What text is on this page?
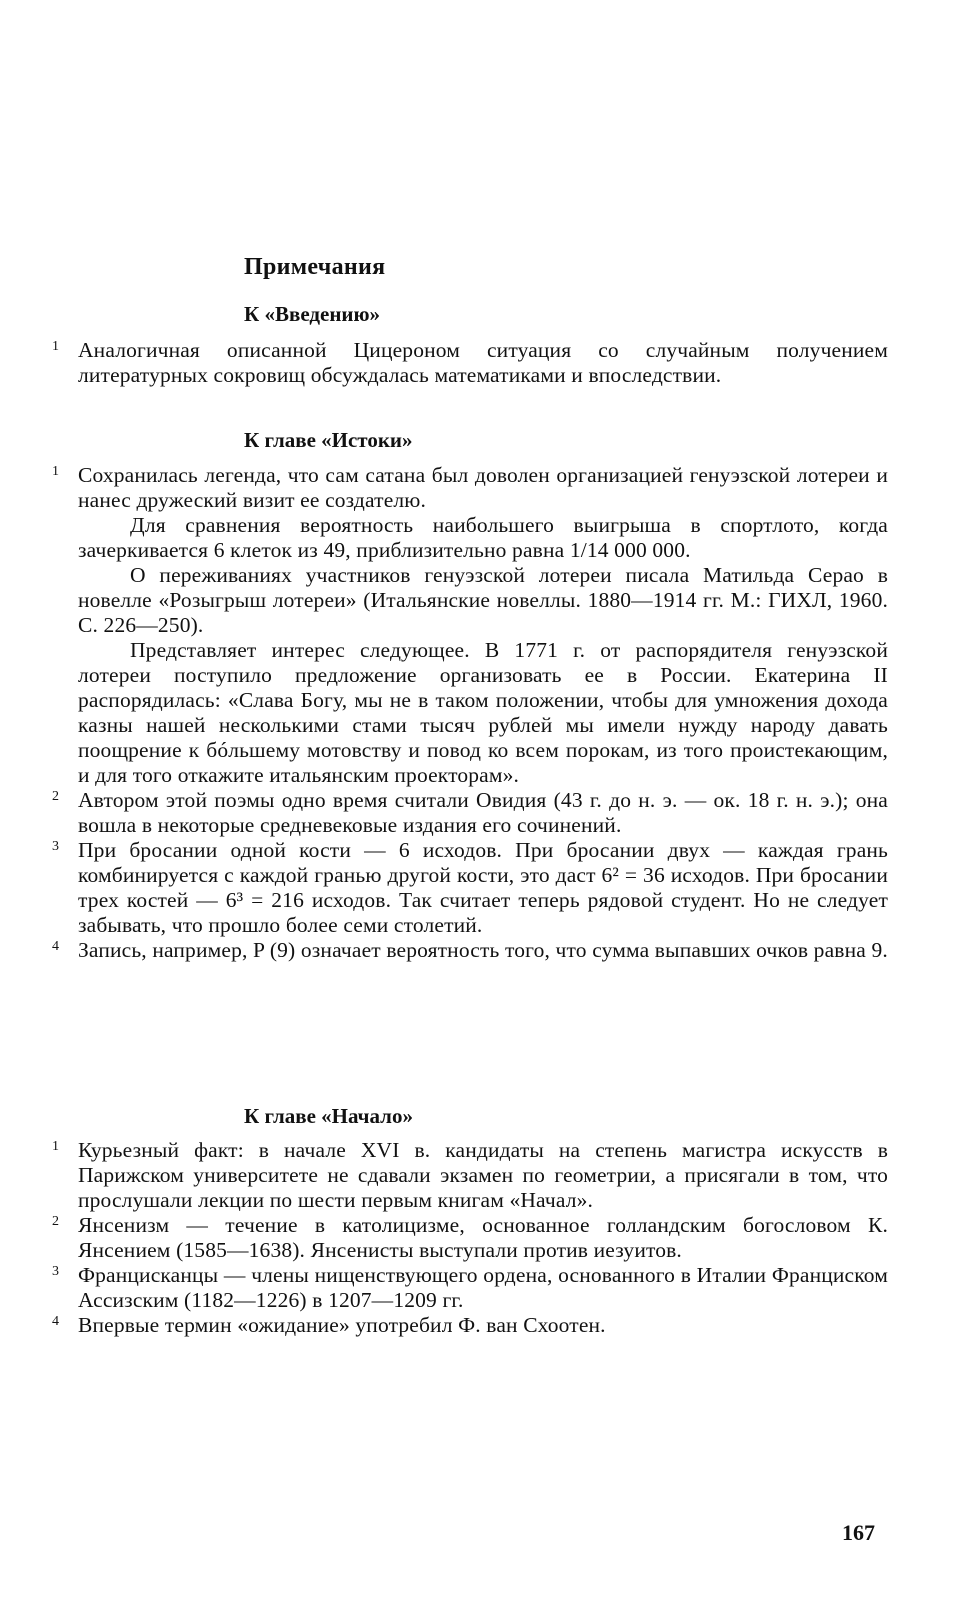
Примечания
К «Введению»
1 Аналогичная описанной Цицероном ситуация со случайным получением литературных сокровищ обсуждалась математиками и впоследствии.

К главе «Истоки»
1 Сохранилась легенда, что сам сатана был доволен организацией генуэзской лотереи и нанес дружеский визит ее создателю.

Для сравнения вероятность наибольшего выигрыша в спортлото, когда зачеркивается 6 клеток из 49, приблизительно равна 1/14 000 000.

О переживаниях участников генуэзской лотереи писала Матильда Серао в новелле «Розыгрыш лотереи» (Итальянские новеллы. 1880—1914 гг. М.: ГИХЛ, 1960. С. 226—250).

Представляет интерес следующее. В 1771 г. от распорядителя генуэзской лотереи поступило предложение организовать ее в России. Екатерина II распорядилась: «Слава Богу, мы не в таком положении, чтобы для умножения дохода казны нашей несколькими стами тысяч рублей мы имели нужду народу давать поощрение к бóльшему мотовству и повод ко всем порокам, из того проистекающим, и для того откажите итальянским проекторам».

2 Автором этой поэмы одно время считали Овидия (43 г. до н. э. — ок. 18 г. н. э.); она вошла в некоторые средневековые издания его сочинений.

3 При бросании одной кости — 6 исходов. При бросании двух — каждая грань комбинируется с каждой гранью другой кости, это даст 6² = 36 исходов. При бросании трех костей — 6³ = 216 исходов. Так считает теперь рядовой студент. Но не следует забывать, что прошло более семи столетий.

4 Запись, например, P (9) означает вероятность того, что сумма выпавших очков равна 9.

К главе «Начало»
1 Курьезный факт: в начале XVI в. кандидаты на степень магистра искусств в Парижском университете не сдавали экзамен по геометрии, а присягали в том, что прослушали лекции по шести первым книгам «Начал».

2 Янсенизм — течение в католицизме, основанное голландским богословом К. Янсением (1585—1638). Янсенисты выступали против иезуитов.

3 Францисканцы — члены нищенствующего ордена, основанного в Италии Франциском Ассизским (1182—1226) в 1207—1209 гг.

4 Впервые термин «ожидание» употребил Ф. ван Схоотен.

167
